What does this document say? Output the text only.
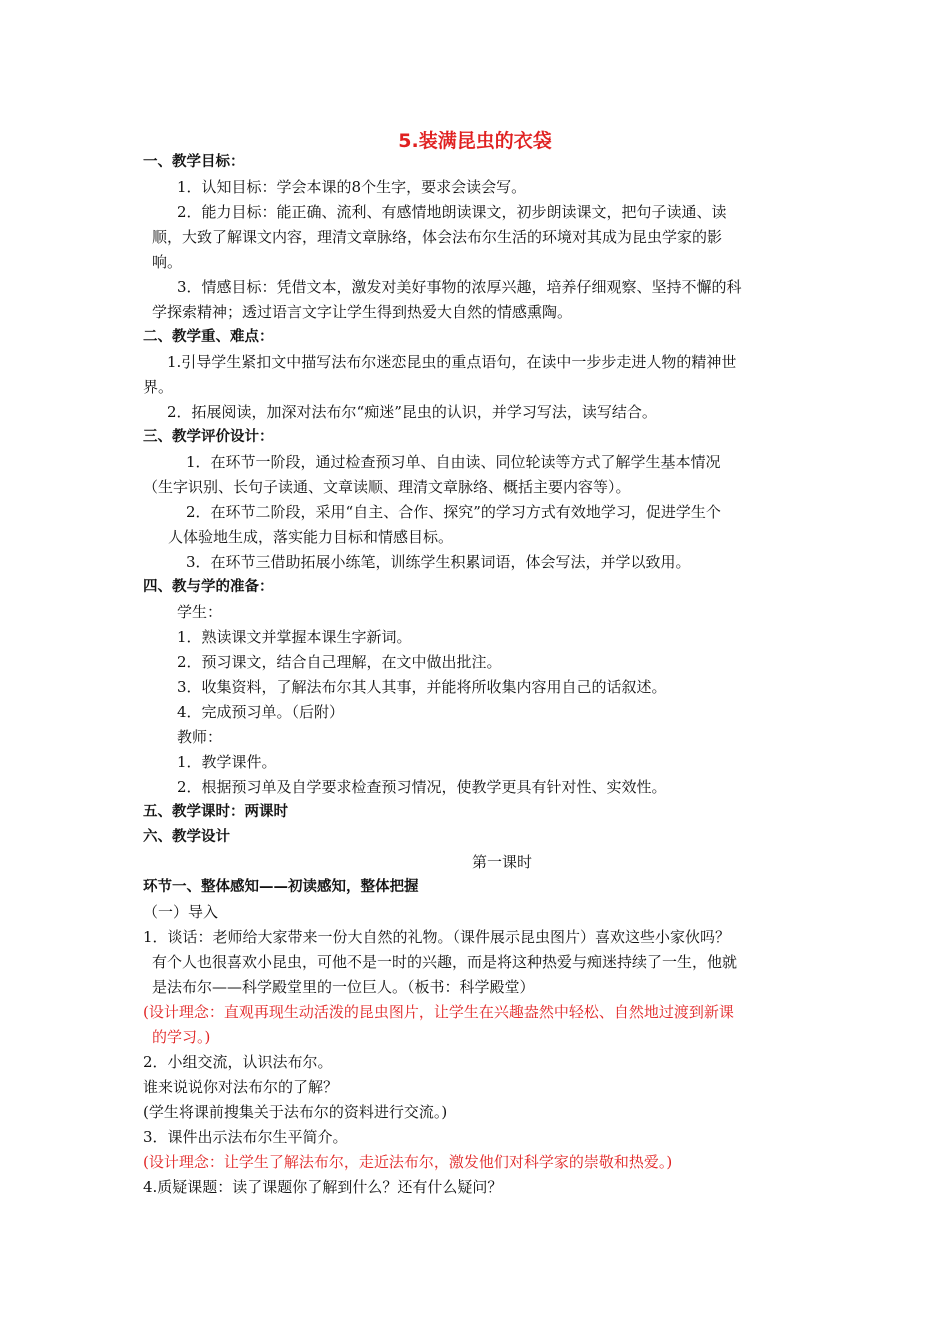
5.装满昆虫的衣袋
一、教学目标：
1．认知目标：学会本课的8个生字，要求会读会写。
2．能力目标：能正确、流利、有感情地朗读课文，初步朗读课文，把句子读通、读
顺，大致了解课文内容，理清文章脉络，体会法布尔生活的环境对其成为昆虫学家的影
响。
3．情感目标：凭借文本，激发对美好事物的浓厚兴趣，培养仔细观察、坚持不懈的科
学探索精神；透过语言文字让学生得到热爱大自然的情感熏陶。
二、教学重、难点：
1.引导学生紧扣文中描写法布尔迷恋昆虫的重点语句，在读中一步步走进人物的精神世
界。
2．拓展阅读，加深对法布尔“痴迷”昆虫的认识，并学习写法，读写结合。
三、教学评价设计：
1．在环节一阶段，通过检查预习单、自由读、同位轮读等方式了解学生基本情况
（生字识别、长句子读通、文章读顺、理清文章脉络、概括主要内容等）。
2．在环节二阶段，采用“自主、合作、探究”的学习方式有效地学习，促进学生个
人体验地生成，落实能力目标和情感目标。
3．在环节三借助拓展小练笔，训练学生积累词语，体会写法，并学以致用。
四、教与学的准备：
学生：
1．熟读课文并掌握本课生字新词。
2．预习课文，结合自己理解，在文中做出批注。
3．收集资料，了解法布尔其人其事，并能将所收集内容用自己的话叙述。
4．完成预习单。（后附）
教师：
1．教学课件。
2．根据预习单及自学要求检查预习情况，使教学更具有针对性、实效性。
五、教学课时：两课时
六、教学设计
第一课时
环节一、整体感知——初读感知，整体把握
（一）导入
1．谈话：老师给大家带来一份大自然的礼物。（课件展示昆虫图片）喜欢这些小家伙吗？
有个人也很喜欢小昆虫，可他不是一时的兴趣，而是将这种热爱与痴迷持续了一生，他就
是法布尔——科学殿堂里的一位巨人。（板书：科学殿堂）
(设计理念：直观再现生动活泼的昆虫图片，让学生在兴趣盎然中轻松、自然地过渡到新课
的学习。)
2．小组交流，认识法布尔。
谁来说说你对法布尔的了解？
(学生将课前搜集关于法布尔的资料进行交流。)
3．课件出示法布尔生平简介。
(设计理念：让学生了解法布尔，走近法布尔，激发他们对科学家的崇敬和热爱。)
4.质疑课题：读了课题你了解到什么？还有什么疑问？
